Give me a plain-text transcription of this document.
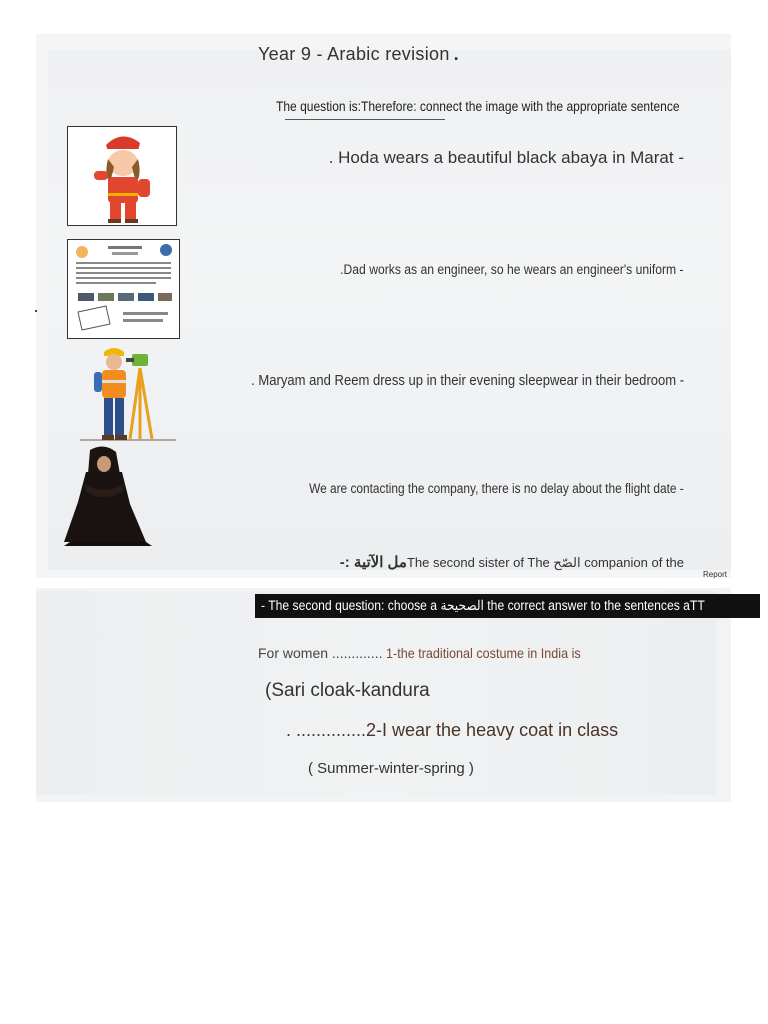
Year 9 - Arabic revision .
The question is:Therefore: connect the image with the appropriate sentence
. Hoda wears a beautiful black abaya in Marat -
.Dad works as an engineer, so he wears an engineer's uniform -
. Maryam and Reem dress up in their evening sleepwear in their bedroom -
We are contacting the company, there is no delay about the flight date -
-: مل الآتيةThe second sister of The الصّح companion of the
Report
- The second question: choose a الصحيحة the correct answer to the sentences aTT
For women ............. 1-the traditional costume in India is
(Sari cloak-kandura
. ..............2-I wear the heavy coat in class
( Summer-winter-spring )
